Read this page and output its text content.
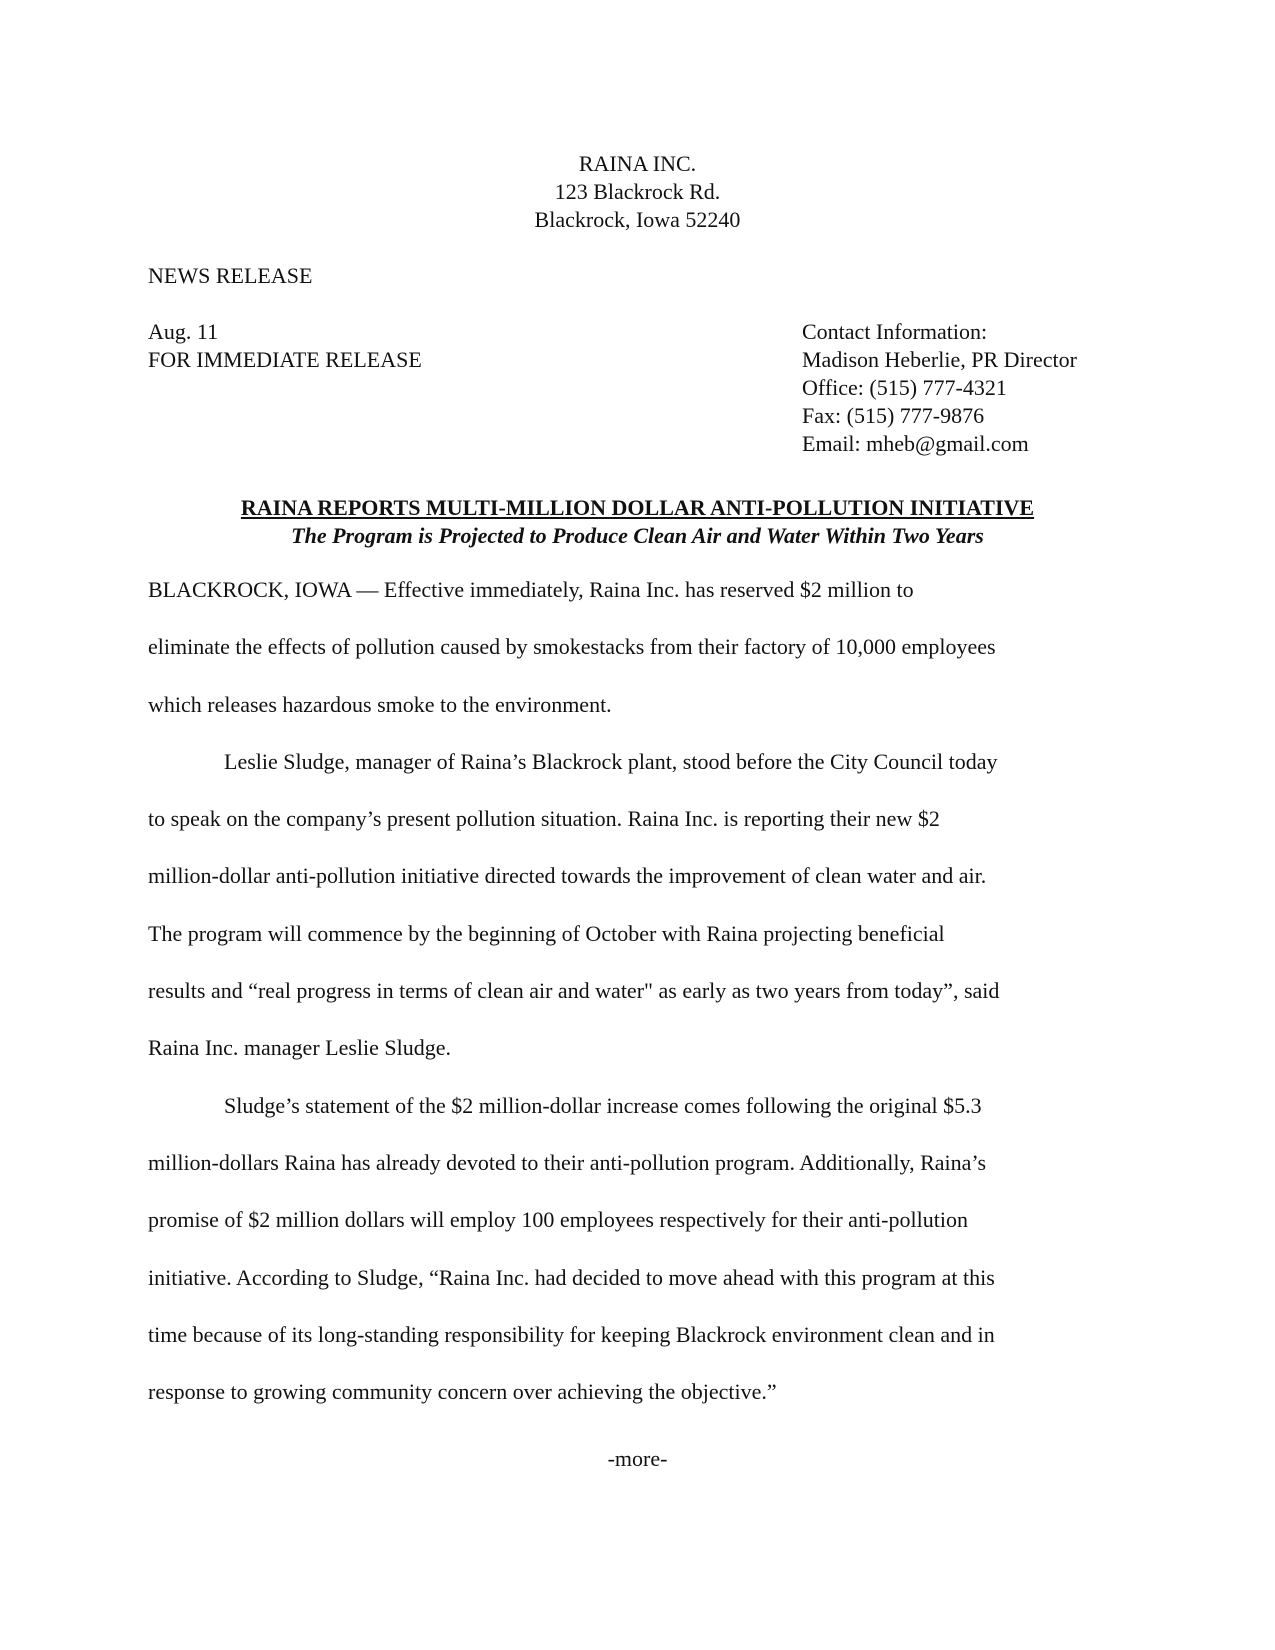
RAINA INC.
123 Blackrock Rd.
Blackrock, Iowa 52240
NEWS RELEASE
Aug. 11
FOR IMMEDIATE RELEASE
Contact Information:
Madison Heberlie, PR Director
Office: (515) 777-4321
Fax: (515) 777-9876
Email: mheb@gmail.com
RAINA REPORTS MULTI-MILLION DOLLAR ANTI-POLLUTION INITIATIVE
The Program is Projected to Produce Clean Air and Water Within Two Years
BLACKROCK, IOWA — Effective immediately, Raina Inc. has reserved $2 million to
eliminate the effects of pollution caused by smokestacks from their factory of 10,000 employees
which releases hazardous smoke to the environment.
Leslie Sludge, manager of Raina’s Blackrock plant, stood before the City Council today
to speak on the company’s present pollution situation. Raina Inc. is reporting their new $2
million-dollar anti-pollution initiative directed towards the improvement of clean water and air.
The program will commence by the beginning of October with Raina projecting beneficial
results and “real progress in terms of clean air and water" as early as two years from today”, said
Raina Inc. manager Leslie Sludge.
Sludge’s statement of the $2 million-dollar increase comes following the original $5.3
million-dollars Raina has already devoted to their anti-pollution program. Additionally, Raina’s
promise of $2 million dollars will employ 100 employees respectively for their anti-pollution
initiative. According to Sludge, “Raina Inc. had decided to move ahead with this program at this
time because of its long-standing responsibility for keeping Blackrock environment clean and in
response to growing community concern over achieving the objective.”
-more-
